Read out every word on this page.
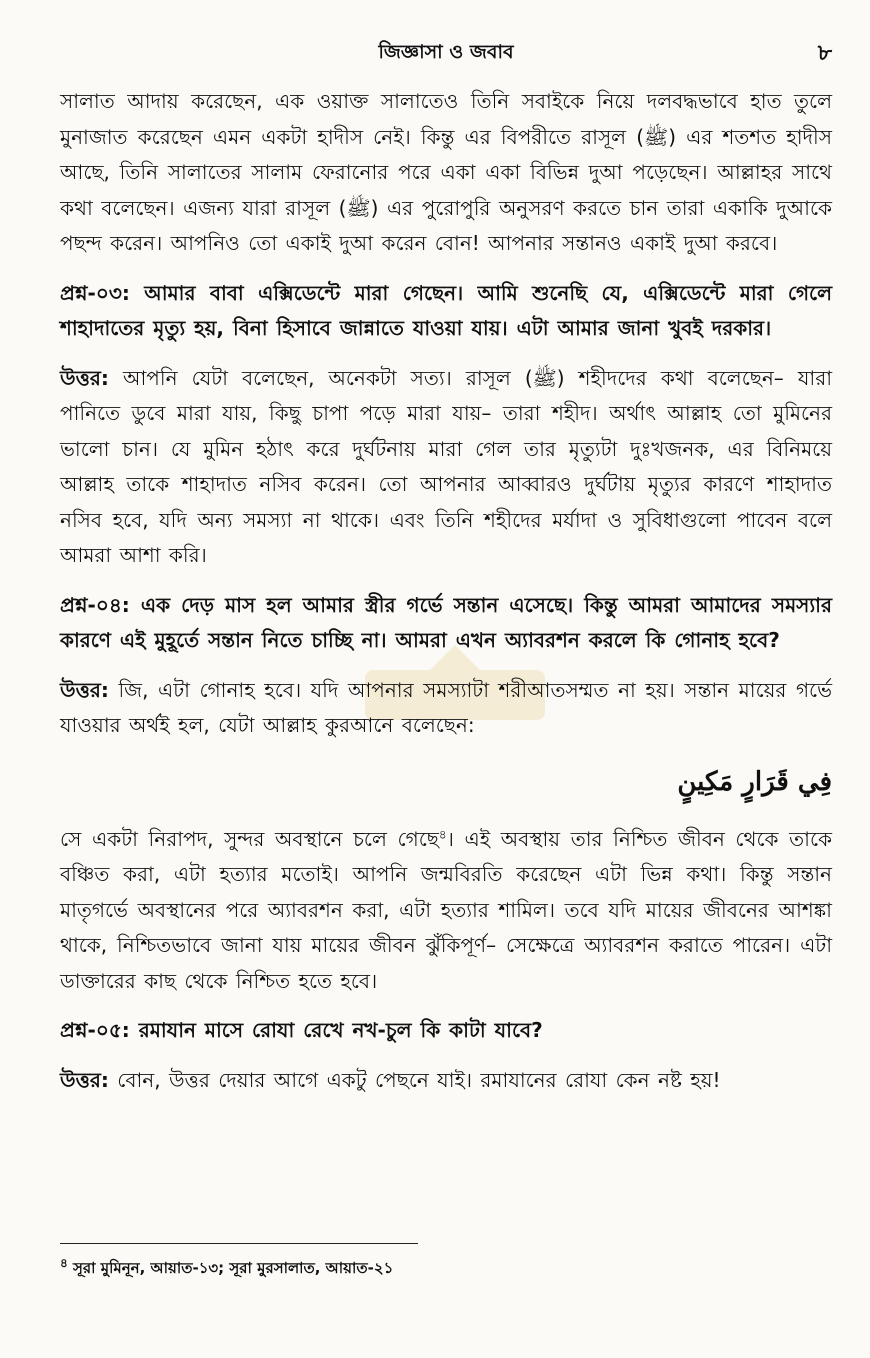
জিজ্ঞাসা ও জবাব	৮

সালাত আদায় করেছেন, এক ওয়াক্ত সালাতেও তিনি সবাইকে নিয়ে দলবদ্ধভাবে হাত তুলে মুনাজাত করেছেন এমন একটা হাদীস নেই। কিন্তু এর বিপরীতে রাসূল (ﷺ) এর শতশত হাদীস আছে, তিনি সালাতের সালাম ফেরানোর পরে একা একা বিভিন্ন দুআ পড়েছেন। আল্লাহর সাথে কথা বলেছেন। এজন্য যারা রাসূল (ﷺ) এর পুরোপুরি অনুসরণ করতে চান তারা একাকি দুআকে পছন্দ করেন। আপনিও তো একাই দুআ করেন বোন! আপনার সন্তানও একাই দুআ করবে।

প্রশ্ন-০৩: আমার বাবা এক্সিডেন্টে মারা গেছেন। আমি শুনেছি যে, এক্সিডেন্টে মারা গেলে শাহাদাতের মৃত্যু হয়, বিনা হিসাবে জান্নাতে যাওয়া যায়। এটা আমার জানা খুবই দরকার।

উত্তর: আপনি যেটা বলেছেন, অনেকটা সত্য। রাসূল (ﷺ) শহীদদের কথা বলেছেন– যারা পানিতে ডুবে মারা যায়, কিছু চাপা পড়ে মারা যায়– তারা শহীদ। অর্থাৎ আল্লাহ তো মুমিনের ভালো চান। যে মুমিন হঠাৎ করে দুর্ঘটনায় মারা গেল তার মৃত্যুটা দুঃখজনক, এর বিনিময়ে আল্লাহ তাকে শাহাদাত নসিব করেন। তো আপনার আব্বারও দুর্ঘটায় মৃত্যুর কারণে শাহাদাত নসিব হবে, যদি অন্য সমস্যা না থাকে। এবং তিনি শহীদের মর্যাদা ও সুবিধাগুলো পাবেন বলে আমরা আশা করি।

প্রশ্ন-০৪: এক দেড় মাস হল আমার স্ত্রীর গর্ভে সন্তান এসেছে। কিন্তু আমরা আমাদের সমস্যার কারণে এই মুহূর্তে সন্তান নিতে চাচ্ছি না। আমরা এখন অ্যাবরশন করলে কি গোনাহ হবে?

উত্তর: জি, এটা গোনাহ হবে। যদি আপনার সমস্যাটা শরীআতসম্মত না হয়। সন্তান মায়ের গর্ভে যাওয়ার অর্থই হল, যেটা আল্লাহ কুরআনে বলেছেন:

فِي قَرَارٍ مَكِينٍ

সে একটা নিরাপদ, সুন্দর অবস্থানে চলে গেছে$^৪$। এই অবস্থায় তার নিশ্চিত জীবন থেকে তাকে বঞ্চিত করা, এটা হত্যার মতোই। আপনি জন্মবিরতি করেছেন এটা ভিন্ন কথা। কিন্তু সন্তান মাতৃগর্ভে অবস্থানের পরে অ্যাবরশন করা, এটা হত্যার শামিল। তবে যদি মায়ের জীবনের আশঙ্কা থাকে, নিশ্চিতভাবে জানা যায় মায়ের জীবন ঝুঁকিপূর্ণ– সেক্ষেত্রে অ্যাবরশন করাতে পারেন। এটা ডাক্তারের কাছ থেকে নিশ্চিত হতে হবে।

প্রশ্ন-০৫: রমাযান মাসে রোযা রেখে নখ-চুল কি কাটা যাবে?

উত্তর: বোন, উত্তর দেয়ার আগে একটু পেছনে যাই। রমাযানের রোযা কেন নষ্ট হয়!

$^৪$ সূরা মুমিনূন, আয়াত-১৩; সূরা মুরসালাত, আয়াত-২১
